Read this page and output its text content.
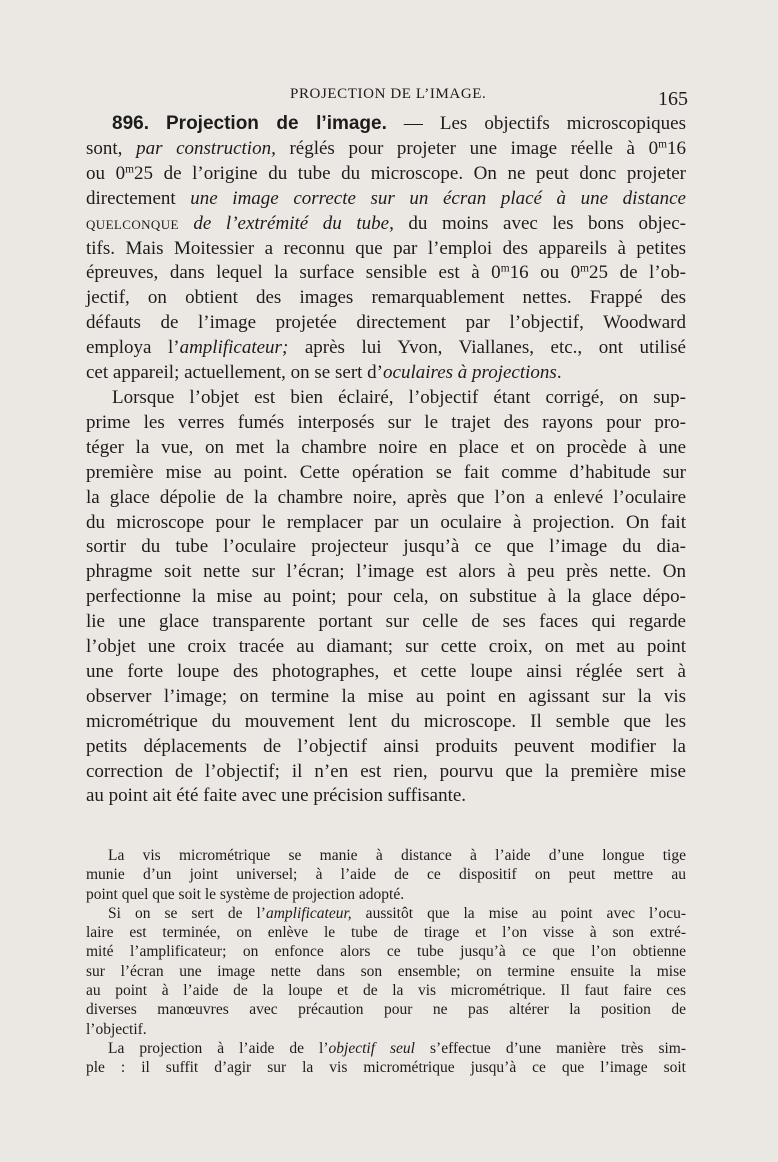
PROJECTION DE L’IMAGE.	165
896. Projection de l’image. — Les objectifs microscopiques
sont, par construction, réglés pour projeter une image réelle à 0$^m$16
ou 0$^m$25 de l’origine du tube du microscope. On ne peut donc projeter
directement une image correcte sur un écran placé à une distance
quelconque de l’extrémité du tube, du moins avec les bons objec-
tifs. Mais Moitessier a reconnu que par l’emploi des appareils à petites
épreuves, dans lequel la surface sensible est à 0$^m$16 ou 0$^m$25 de l’ob-
jectif, on obtient des images remarquablement nettes. Frappé des
défauts de l’image projetée directement par l’objectif, Woodward
employa l’amplificateur; après lui Yvon, Viallanes, etc., ont utilisé
cet appareil; actuellement, on se sert d’oculaires à projections.
Lorsque l’objet est bien éclairé, l’objectif étant corrigé, on sup-
prime les verres fumés interposés sur le trajet des rayons pour pro-
téger la vue, on met la chambre noire en place et on procède à une
première mise au point. Cette opération se fait comme d’habitude sur
la glace dépolie de la chambre noire, après que l’on a enlevé l’oculaire
du microscope pour le remplacer par un oculaire à projection. On fait
sortir du tube l’oculaire projecteur jusqu’à ce que l’image du dia-
phragme soit nette sur l’écran; l’image est alors à peu près nette. On
perfectionne la mise au point; pour cela, on substitue à la glace dépo-
lie une glace transparente portant sur celle de ses faces qui regarde
l’objet une croix tracée au diamant; sur cette croix, on met au point
une forte loupe des photographes, et cette loupe ainsi réglée sert à
observer l’image; on termine la mise au point en agissant sur la vis
micrométrique du mouvement lent du microscope. Il semble que les
petits déplacements de l’objectif ainsi produits peuvent modifier la
correction de l’objectif; il n’en est rien, pourvu que la première mise
au point ait été faite avec une précision suffisante.
La vis micrométrique se manie à distance à l’aide d’une longue tige
munie d’un joint universel; à l’aide de ce dispositif on peut mettre au
point quel que soit le système de projection adopté.
Si on se sert de l’amplificateur, aussitôt que la mise au point avec l’ocu-
laire est terminée, on enlève le tube de tirage et l’on visse à son extré-
mité l’amplificateur; on enfonce alors ce tube jusqu’à ce que l’on obtienne
sur l’écran une image nette dans son ensemble; on termine ensuite la mise
au point à l’aide de la loupe et de la vis micrométrique. Il faut faire ces
diverses manœuvres avec précaution pour ne pas altérer la position de
l’objectif.
La projection à l’aide de l’objectif seul s’effectue d’une manière très sim-
ple : il suffit d’agir sur la vis micrométrique jusqu’à ce que l’image soit
